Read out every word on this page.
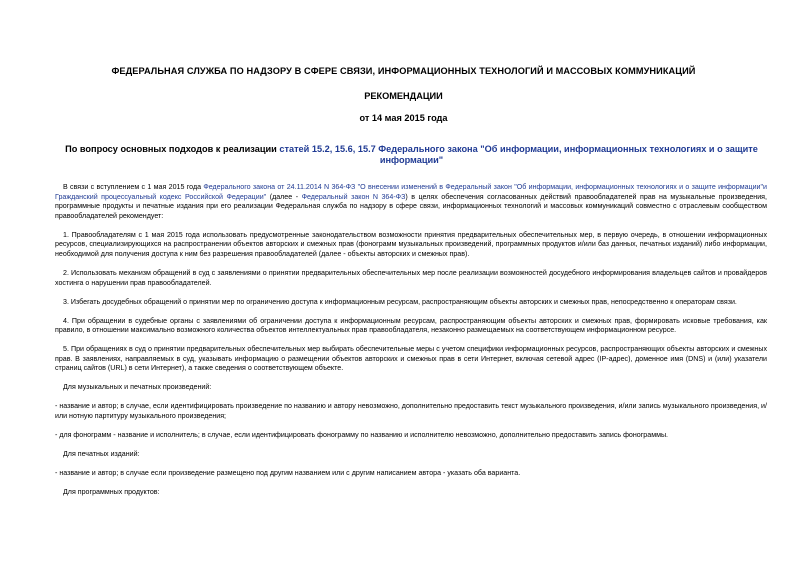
ФЕДЕРАЛЬНАЯ СЛУЖБА ПО НАДЗОРУ В СФЕРЕ СВЯЗИ, ИНФОРМАЦИОННЫХ ТЕХНОЛОГИЙ И МАССОВЫХ КОММУНИКАЦИЙ
РЕКОМЕНДАЦИИ
от 14 мая 2015 года
По вопросу основных подходов к реализации статей 15.2, 15.6, 15.7 Федерального закона "Об информации, информационных технологиях и о защите информации"

В связи с вступлением с 1 мая 2015 года Федерального закона от 24.11.2014 N 364-ФЗ "О внесении изменений в Федеральный закон "Об информации, информационных технологиях и о защите информации"и Гражданский процессуальный кодекс Российской Федерации" (далее - Федеральный закон N 364-ФЗ) в целях обеспечения согласованных действий правообладателей прав на музыкальные произведения, программные продукты и печатные издания при его реализации Федеральная служба по надзору в сфере связи, информационных технологий и массовых коммуникаций совместно с отраслевым сообществом правообладателей рекомендует:

1. Правообладателям с 1 мая 2015 года использовать предусмотренные законодательством возможности принятия предварительных обеспечительных мер, в первую очередь, в отношении информационных ресурсов, специализирующихся на распространении объектов авторских и смежных прав (фонограмм музыкальных произведений, программных продуктов и/или баз данных, печатных изданий) либо информации, необходимой для получения доступа к ним без разрешения правообладателей (далее - объекты авторских и смежных прав).

2. Использовать механизм обращений в суд с заявлениями о принятии предварительных обеспечительных мер после реализации возможностей досудебного информирования владельцев сайтов и провайдеров хостинга о нарушении прав правообладателей.

3. Избегать досудебных обращений о принятии мер по ограничению доступа к информационным ресурсам, распространяющим объекты авторских и смежных прав, непосредственно к операторам связи.

4. При обращении в судебные органы с заявлениями об ограничении доступа к информационным ресурсам, распространяющим объекты авторских и смежных прав, формировать исковые требования, как правило, в отношении максимально возможного количества объектов интеллектуальных прав правообладателя, незаконно размещаемых на соответствующем информационном ресурсе.

5. При обращениях в суд о принятии предварительных обеспечительных мер выбирать обеспечительные меры с учетом специфики информационных ресурсов, распространяющих объекты авторских и смежных прав. В заявлениях, направляемых в суд, указывать информацию о размещении объектов авторских и смежных прав в сети Интернет, включая сетевой адрес (IP-адрес), доменное имя (DNS) и (или) указатели страниц сайтов (URL) в сети Интернет), а также сведения о соответствующем объекте.

Для музыкальных и печатных произведений:

- название и автор; в случае, если идентифицировать произведение по названию и автору невозможно, дополнительно предоставить текст музыкального произведения, и/или запись музыкального произведения, и/или нотную партитуру музыкального произведения;

- для фонограмм - название и исполнитель; в случае, если идентифицировать фонограмму по названию и исполнителю невозможно, дополнительно предоставить запись фонограммы.

Для печатных изданий:

- название и автор; в случае если произведение размещено под другим названием или с другим написанием автора - указать оба варианта.

Для программных продуктов:
